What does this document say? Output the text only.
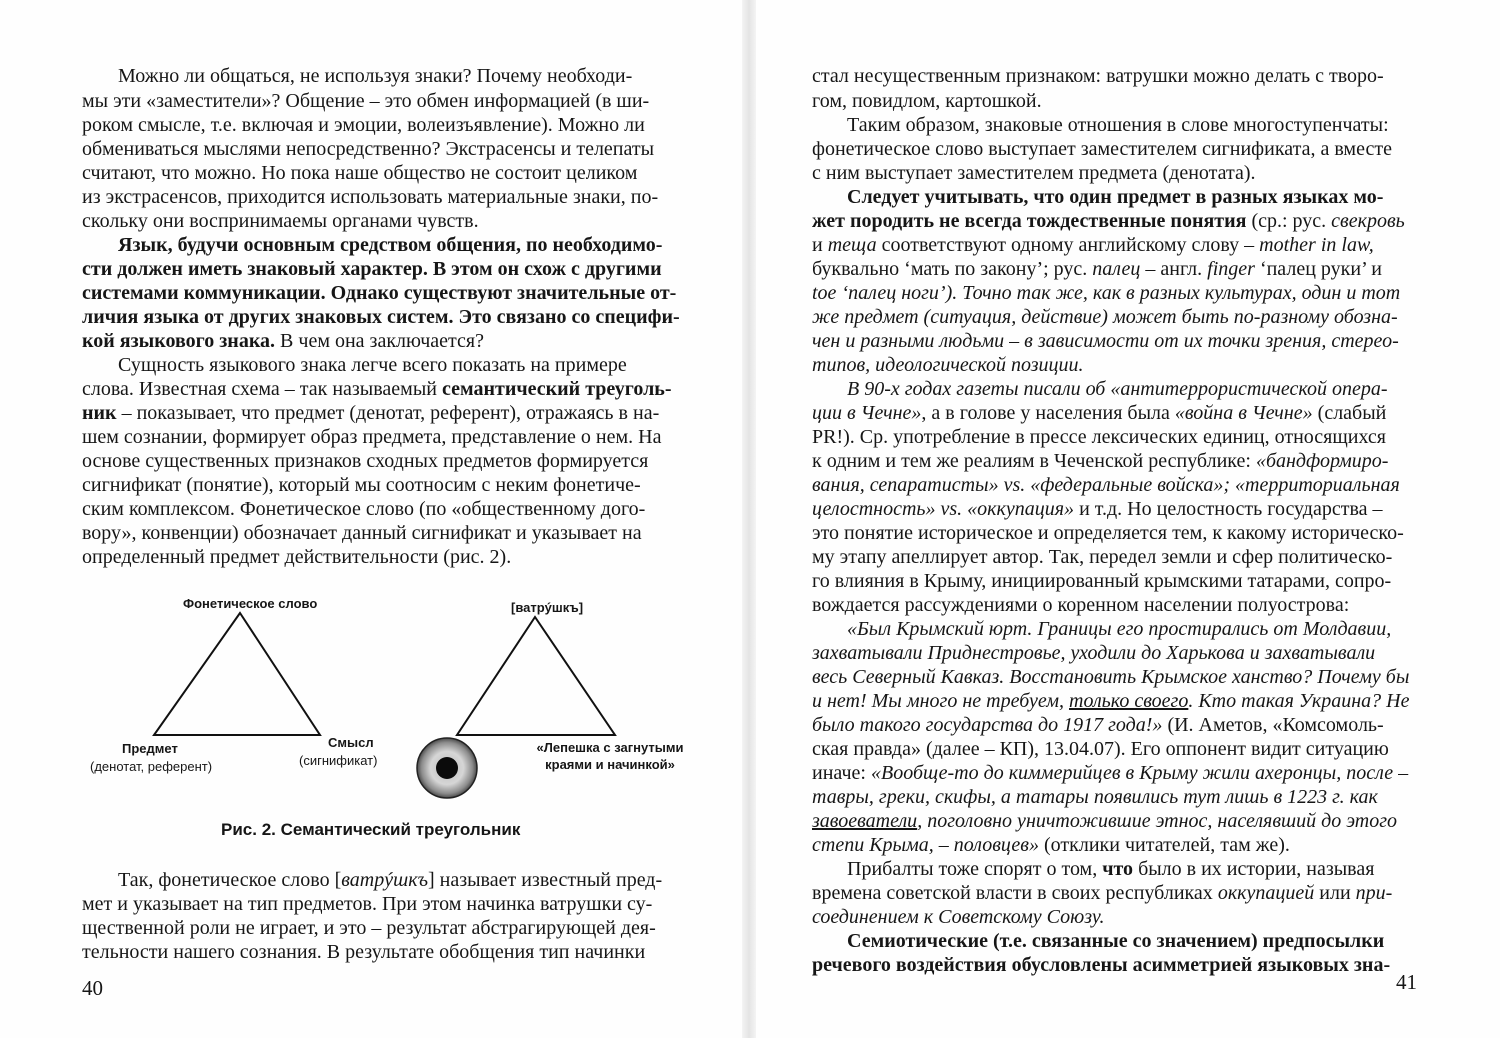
Можно ли общаться, не используя знаки? Почему необходи-
мы эти «заместители»? Общение – это обмен информацией (в ши-
роком смысле, т.е. включая и эмоции, волеизъявление). Можно ли
обмениваться мыслями непосредственно? Экстрасенсы и телепаты
считают, что можно. Но пока наше общество не состоит целиком
из экстрасенсов, приходится использовать материальные знаки, по-
скольку они воспринимаемы органами чувств.
Язык, будучи основным средством общения, по необходимо-
сти должен иметь знаковый характер. В этом он схож с другими
системами коммуникации. Однако существуют значительные от-
личия языка от других знаковых систем. Это связано со специфи-
кой языкового знака. В чем она заключается?
Сущность языкового знака легче всего показать на примере
слова. Известная схема – так называемый семантический треуголь-
ник – показывает, что предмет (денотат, референт), отражаясь в на-
шем сознании, формирует образ предмета, представление о нем. На
основе существенных признаков сходных предметов формируется
сигнификат (понятие), который мы соотносим с неким фонетиче-
ским комплексом. Фонетическое слово (по «общественному дого-
вору», конвенции) обозначает данный сигнификат и указывает на
определенный предмет действительности (рис. 2).
Фонетическое слово
Предмет
(денотат, референт)
Смысл
(сигнификат)
[ватрýшкъ]
«Лепешка с загнутыми
краями и начинкой»
Рис. 2. Семантический треугольник
Так, фонетическое слово [ватрýшкъ] называет известный пред-
мет и указывает на тип предметов. При этом начинка ватрушки су-
щественной роли не играет, и это – результат абстрагирующей дея-
тельности нашего сознания. В результате обобщения тип начинки
40
стал несущественным признаком: ватрушки можно делать с творо-
гом, повидлом, картошкой.
Таким образом, знаковые отношения в слове многоступенчаты:
фонетическое слово выступает заместителем сигнификата, а вместе
с ним выступает заместителем предмета (денотата).
Следует учитывать, что один предмет в разных языках мо-
жет породить не всегда тождественные понятия (ср.: рус. свекровь
и теща соответствуют одному английскому слову – mother in law,
буквально ‘мать по закону’; рус. палец – англ. finger ‘палец руки’ и
toe ‘палец ноги’). Точно так же, как в разных культурах, один и тот
же предмет (ситуация, действие) может быть по-разному обозна-
чен и разными людьми – в зависимости от их точки зрения, стерео-
типов, идеологической позиции.
В 90-х годах газеты писали об «антитеррористической опера-
ции в Чечне», а в голове у населения была «война в Чечне» (слабый
PR!). Ср. употребление в прессе лексических единиц, относящихся
к одним и тем же реалиям в Чеченской республике: «бандформиро-
вания, сепаратисты» vs. «федеральные войска»; «территориальная
целостность» vs. «оккупация» и т.д. Но целостность государства –
это понятие историческое и определяется тем, к какому историческо-
му этапу апеллирует автор. Так, передел земли и сфер политическо-
го влияния в Крыму, инициированный крымскими татарами, сопро-
вождается рассуждениями о коренном населении полуострова:
«Был Крымский юрт. Границы его простирались от Молдавии,
захватывали Приднестровье, уходили до Харькова и захватывали
весь Северный Кавказ. Восстановить Крымское ханство? Почему бы
и нет! Мы много не требуем, только своего. Кто такая Украина? Не
было такого государства до 1917 года!» (И. Аметов, «Комсомоль-
ская правда» (далее – КП), 13.04.07). Его оппонент видит ситуацию
иначе: «Вообще-то до киммерийцев в Крыму жили ахеронцы, после –
тавры, греки, скифы, а татары появились тут лишь в 1223 г. как
завоеватели, поголовно уничтожившие этнос, населявший до этого
степи Крыма, – половцев» (отклики читателей, там же).
Прибалты тоже спорят о том, что было в их истории, называя
времена советской власти в своих республиках оккупацией или при-
соединением к Советскому Союзу.
Семиотические (т.е. связанные со значением) предпосылки
речевого воздействия обусловлены асимметрией языковых зна-
41
